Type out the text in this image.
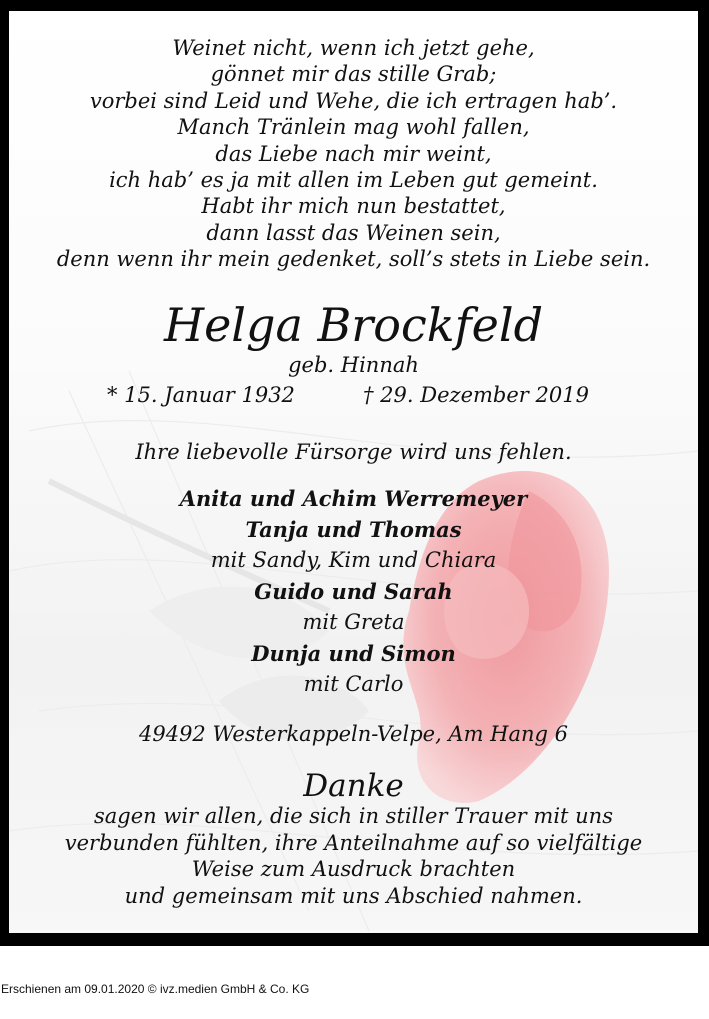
Weinet nicht, wenn ich jetzt gehe,
gönnet mir das stille Grab;
vorbei sind Leid und Wehe, die ich ertragen hab’.
Manch Tränlein mag wohl fallen,
das Liebe nach mir weint,
ich hab’ es ja mit allen im Leben gut gemeint.
Habt ihr mich nun bestattet,
dann lasst das Weinen sein,
denn wenn ihr mein gedenket, soll’s stets in Liebe sein.
Helga Brockfeld
geb. Hinnah
* 15. Januar 1932	† 29. Dezember 2019
Ihre liebevolle Fürsorge wird uns fehlen.
Anita und Achim Werremeyer
Tanja und Thomas
mit Sandy, Kim und Chiara
Guido und Sarah
mit Greta
Dunja und Simon
mit Carlo
49492 Westerkappeln-Velpe, Am Hang 6
Danke
sagen wir allen, die sich in stiller Trauer mit uns
verbunden fühlten, ihre Anteilnahme auf so vielfältige
Weise zum Ausdruck brachten
und gemeinsam mit uns Abschied nahmen.
Erschienen am 09.01.2020 © ivz.medien GmbH & Co. KG
